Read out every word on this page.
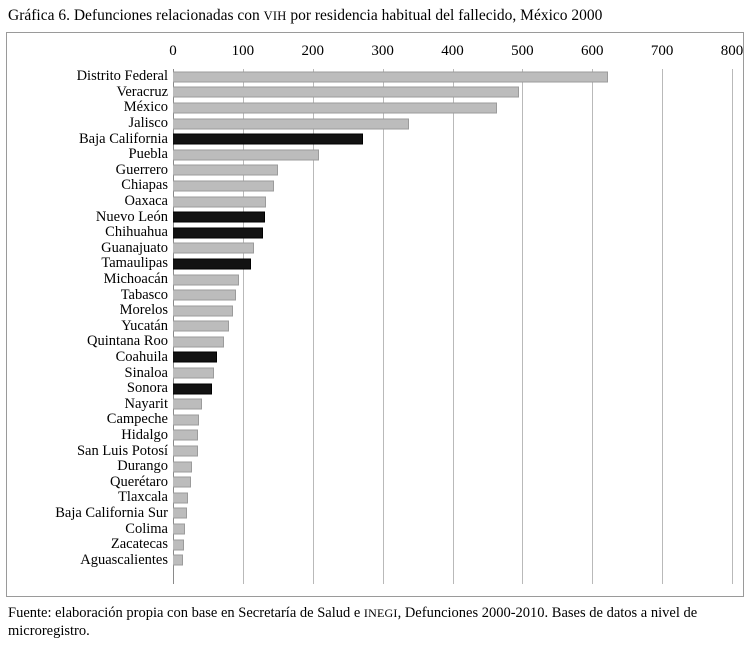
Gráfica 6. Defunciones relacionadas con VIH por residencia habitual del fallecido, México 2000
0	100	200	300	400	500	600	700	800
Distrito Federal
Veracruz
México
Jalisco
Baja California
Puebla
Guerrero
Chiapas
Oaxaca
Nuevo León
Chihuahua
Guanajuato
Tamaulipas
Michoacán
Tabasco
Morelos
Yucatán
Quintana Roo
Coahuila
Sinaloa
Sonora
Nayarit
Campeche
Hidalgo
San Luis Potosí
Durango
Querétaro
Tlaxcala
Baja California Sur
Colima
Zacatecas
Aguascalientes
Fuente: elaboración propia con base en Secretaría de Salud e INEGI, Defunciones 2000-2010. Bases de datos a nivel de microregistro.
